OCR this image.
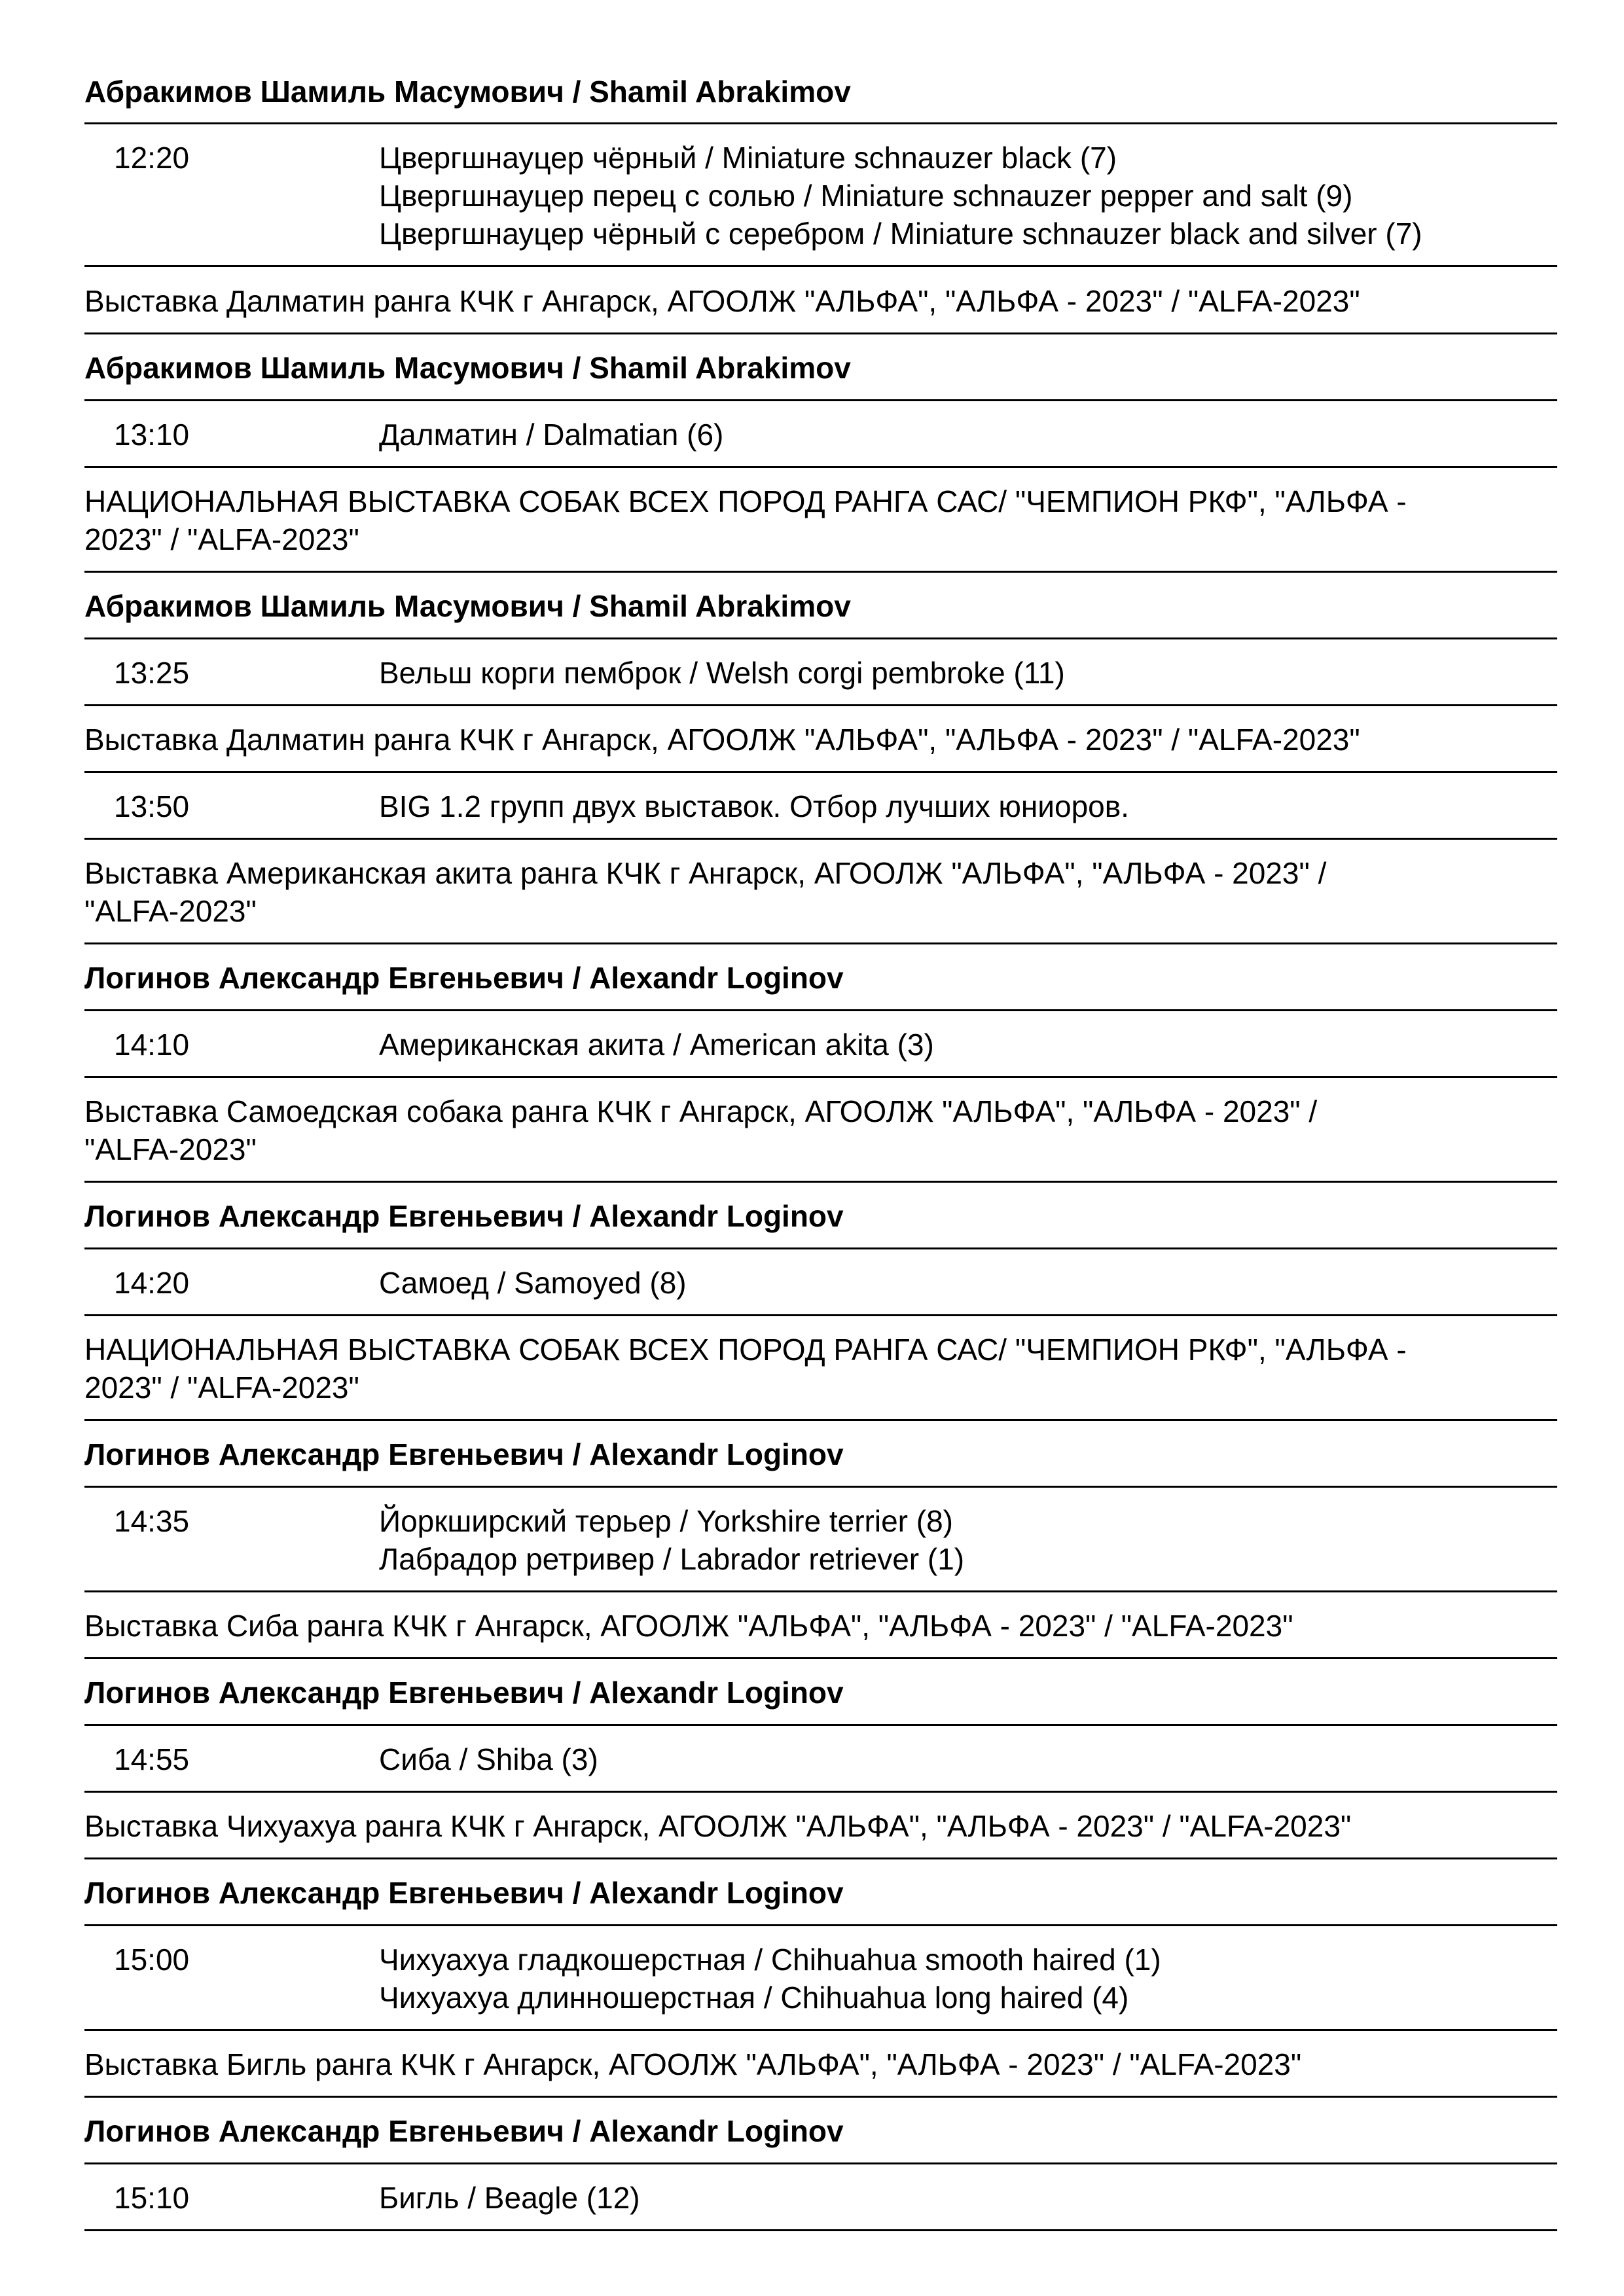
Абракимов Шамиль Масумович / Shamil Abrakimov
12:20	Цвергшнауцер чёрный / Miniature schnauzer black (7)
Цвергшнауцер перец с солью / Miniature schnauzer pepper and salt (9)
Цвергшнауцер чёрный с серебром / Miniature schnauzer black and silver (7)
Выставка Далматин ранга КЧК г Ангарск, АГООЛЖ "АЛЬФА", "АЛЬФА - 2023" / "ALFA-2023"
Абракимов Шамиль Масумович / Shamil Abrakimov
13:10	Далматин / Dalmatian (6)
НАЦИОНАЛЬНАЯ ВЫСТАВКА СОБАК ВСЕХ ПОРОД РАНГА САС/ "ЧЕМПИОН РКФ", "АЛЬФА -
2023" / "ALFA-2023"
Абракимов Шамиль Масумович / Shamil Abrakimov
13:25	Вельш корги пемброк / Welsh corgi pembroke (11)
Выставка Далматин ранга КЧК г Ангарск, АГООЛЖ "АЛЬФА", "АЛЬФА - 2023" / "ALFA-2023"
13:50	BIG 1.2 групп двух выставок. Отбор лучших юниоров.
Выставка Американская акита ранга КЧК г Ангарск, АГООЛЖ "АЛЬФА", "АЛЬФА - 2023" /
"ALFA-2023"
Логинов Александр Евгеньевич / Alexandr Loginov
14:10	Американская акита / American akita (3)
Выставка Самоедская собака ранга КЧК г Ангарск, АГООЛЖ "АЛЬФА", "АЛЬФА - 2023" /
"ALFA-2023"
Логинов Александр Евгеньевич / Alexandr Loginov
14:20	Самоед / Samoyed (8)
НАЦИОНАЛЬНАЯ ВЫСТАВКА СОБАК ВСЕХ ПОРОД РАНГА САС/ "ЧЕМПИОН РКФ", "АЛЬФА -
2023" / "ALFA-2023"
Логинов Александр Евгеньевич / Alexandr Loginov
14:35	Йоркширский терьер / Yorkshire terrier (8)
Лабрадор ретривер / Labrador retriever (1)
Выставка Сиба ранга КЧК г Ангарск, АГООЛЖ "АЛЬФА", "АЛЬФА - 2023" / "ALFA-2023"
Логинов Александр Евгеньевич / Alexandr Loginov
14:55	Сиба / Shiba (3)
Выставка Чихуахуа ранга КЧК г Ангарск, АГООЛЖ "АЛЬФА", "АЛЬФА - 2023" / "ALFA-2023"
Логинов Александр Евгеньевич / Alexandr Loginov
15:00	Чихуахуа гладкошерстная / Chihuahua smooth haired (1)
Чихуахуа длинношерстная / Chihuahua long haired (4)
Выставка Бигль ранга КЧК г Ангарск, АГООЛЖ "АЛЬФА", "АЛЬФА - 2023" / "ALFA-2023"
Логинов Александр Евгеньевич / Alexandr Loginov
15:10	Бигль / Beagle (12)
